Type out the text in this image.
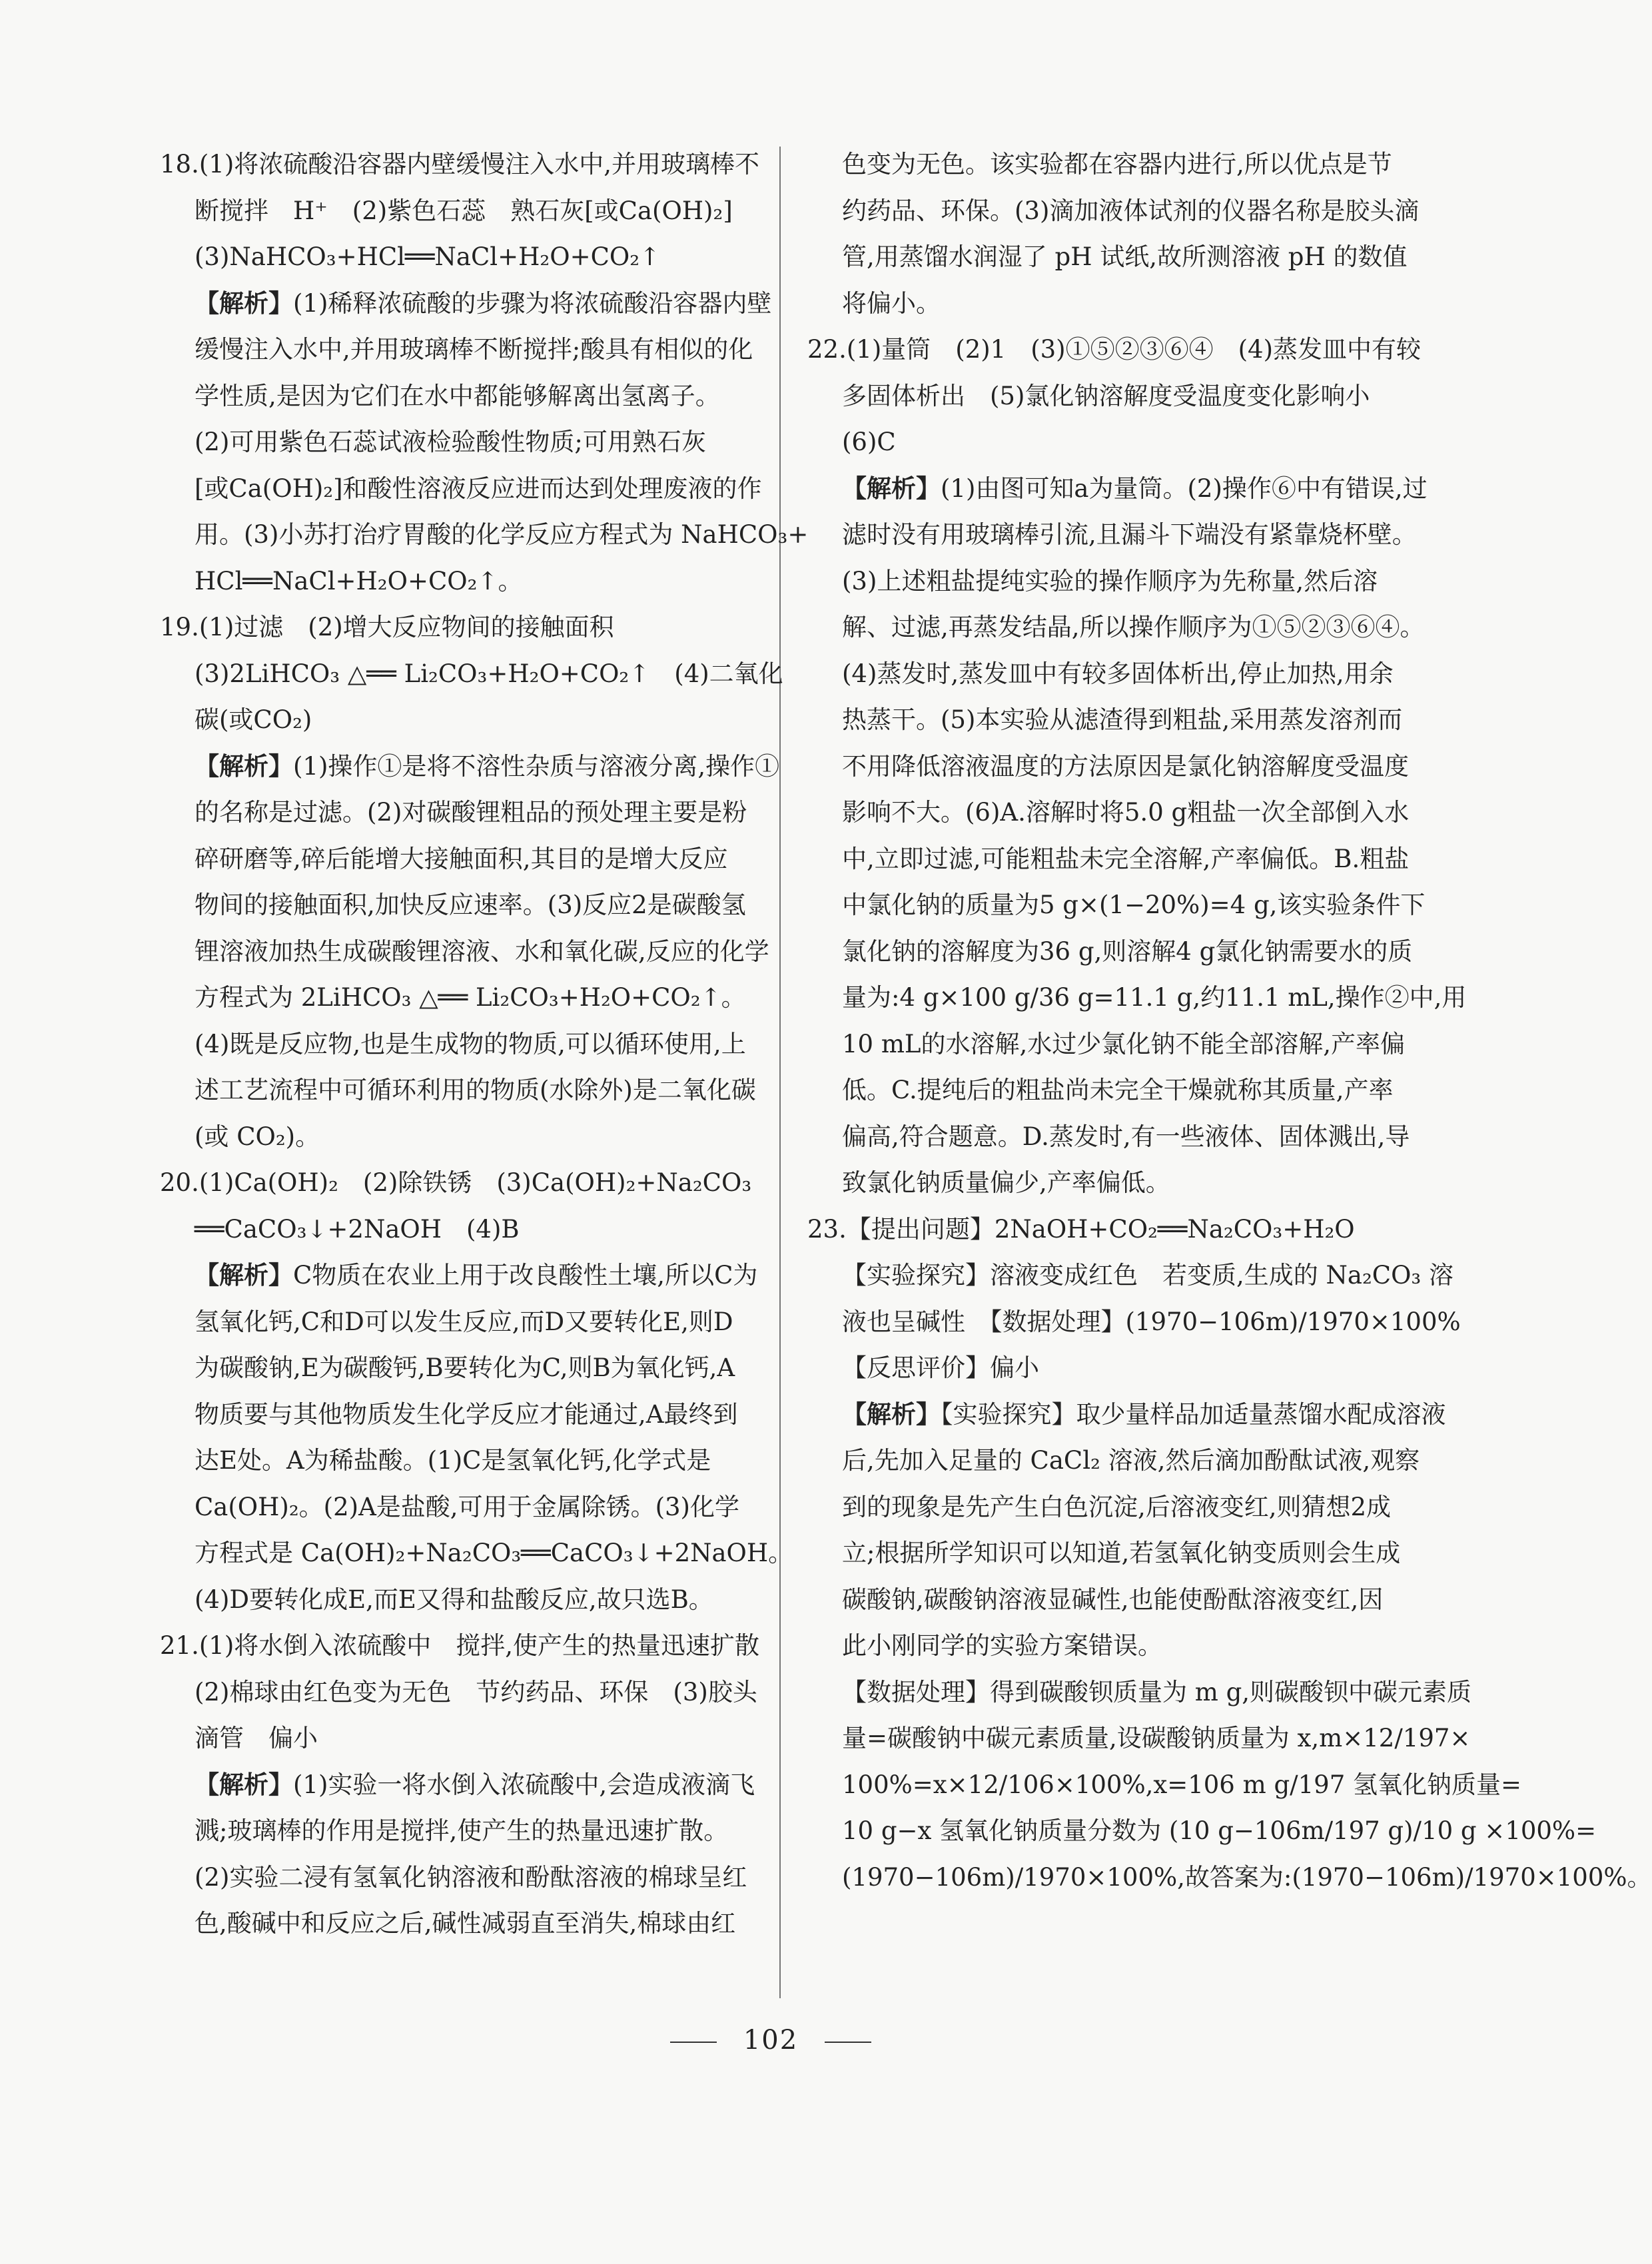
18.(1)将浓硫酸沿容器内壁缓慢注入水中,并用玻璃棒不
断搅拌　H⁺　(2)紫色石蕊　熟石灰[或Ca(OH)₂]
(3)NaHCO₃+HCl══NaCl+H₂O+CO₂↑
【解析】(1)稀释浓硫酸的步骤为将浓硫酸沿容器内壁
缓慢注入水中,并用玻璃棒不断搅拌;酸具有相似的化
学性质,是因为它们在水中都能够解离出氢离子。
(2)可用紫色石蕊试液检验酸性物质;可用熟石灰
[或Ca(OH)₂]和酸性溶液反应进而达到处理废液的作
用。(3)小苏打治疗胃酸的化学反应方程式为 NaHCO₃+
HCl══NaCl+H₂O+CO₂↑。
19.(1)过滤　(2)增大反应物间的接触面积
(3)2LiHCO₃ △══ Li₂CO₃+H₂O+CO₂↑　(4)二氧化
碳(或CO₂)
【解析】(1)操作①是将不溶性杂质与溶液分离,操作①
的名称是过滤。(2)对碳酸锂粗品的预处理主要是粉
碎研磨等,碎后能增大接触面积,其目的是增大反应
物间的接触面积,加快反应速率。(3)反应2是碳酸氢
锂溶液加热生成碳酸锂溶液、水和氧化碳,反应的化学
方程式为 2LiHCO₃ △══ Li₂CO₃+H₂O+CO₂↑。
(4)既是反应物,也是生成物的物质,可以循环使用,上
述工艺流程中可循环利用的物质(水除外)是二氧化碳
(或 CO₂)。
20.(1)Ca(OH)₂　(2)除铁锈　(3)Ca(OH)₂+Na₂CO₃
══CaCO₃↓+2NaOH　(4)B
【解析】C物质在农业上用于改良酸性土壤,所以C为
氢氧化钙,C和D可以发生反应,而D又要转化E,则D
为碳酸钠,E为碳酸钙,B要转化为C,则B为氧化钙,A
物质要与其他物质发生化学反应才能通过,A最终到
达E处。A为稀盐酸。(1)C是氢氧化钙,化学式是
Ca(OH)₂。(2)A是盐酸,可用于金属除锈。(3)化学
方程式是 Ca(OH)₂+Na₂CO₃══CaCO₃↓+2NaOH。
(4)D要转化成E,而E又得和盐酸反应,故只选B。
21.(1)将水倒入浓硫酸中　搅拌,使产生的热量迅速扩散
(2)棉球由红色变为无色　节约药品、环保　(3)胶头
滴管　偏小
【解析】(1)实验一将水倒入浓硫酸中,会造成液滴飞
溅;玻璃棒的作用是搅拌,使产生的热量迅速扩散。
(2)实验二浸有氢氧化钠溶液和酚酞溶液的棉球呈红
色,酸碱中和反应之后,碱性减弱直至消失,棉球由红
色变为无色。该实验都在容器内进行,所以优点是节
约药品、环保。(3)滴加液体试剂的仪器名称是胶头滴
管,用蒸馏水润湿了 pH 试纸,故所测溶液 pH 的数值
将偏小。
22.(1)量筒　(2)1　(3)①⑤②③⑥④　(4)蒸发皿中有较
多固体析出　(5)氯化钠溶解度受温度变化影响小
(6)C
【解析】(1)由图可知a为量筒。(2)操作⑥中有错误,过
滤时没有用玻璃棒引流,且漏斗下端没有紧靠烧杯壁。
(3)上述粗盐提纯实验的操作顺序为先称量,然后溶
解、过滤,再蒸发结晶,所以操作顺序为①⑤②③⑥④。
(4)蒸发时,蒸发皿中有较多固体析出,停止加热,用余
热蒸干。(5)本实验从滤渣得到粗盐,采用蒸发溶剂而
不用降低溶液温度的方法原因是氯化钠溶解度受温度
影响不大。(6)A.溶解时将5.0 g粗盐一次全部倒入水
中,立即过滤,可能粗盐未完全溶解,产率偏低。B.粗盐
中氯化钠的质量为5 g×(1−20%)=4 g,该实验条件下
氯化钠的溶解度为36 g,则溶解4 g氯化钠需要水的质
量为:4 g×100 g/36 g=11.1 g,约11.1 mL,操作②中,用
10 mL的水溶解,水过少氯化钠不能全部溶解,产率偏
低。C.提纯后的粗盐尚未完全干燥就称其质量,产率
偏高,符合题意。D.蒸发时,有一些液体、固体溅出,导
致氯化钠质量偏少,产率偏低。
23.【提出问题】2NaOH+CO₂══Na₂CO₃+H₂O
【实验探究】溶液变成红色　若变质,生成的 Na₂CO₃ 溶
液也呈碱性　【数据处理】(1970−106m)/1970×100%
【反思评价】偏小
【解析】【实验探究】取少量样品加适量蒸馏水配成溶液
后,先加入足量的 CaCl₂ 溶液,然后滴加酚酞试液,观察
到的现象是先产生白色沉淀,后溶液变红,则猜想2成
立;根据所学知识可以知道,若氢氧化钠变质则会生成
碳酸钠,碳酸钠溶液显碱性,也能使酚酞溶液变红,因
此小刚同学的实验方案错误。
【数据处理】得到碳酸钡质量为 m g,则碳酸钡中碳元素质
量=碳酸钠中碳元素质量,设碳酸钠质量为 x,m×12/197×
100%=x×12/106×100%,x=106 m g/197 氢氧化钠质量=
10 g−x 氢氧化钠质量分数为 (10 g−106m/197 g)/10 g ×100%=
(1970−106m)/1970×100%,故答案为:(1970−106m)/1970×100%。
102
